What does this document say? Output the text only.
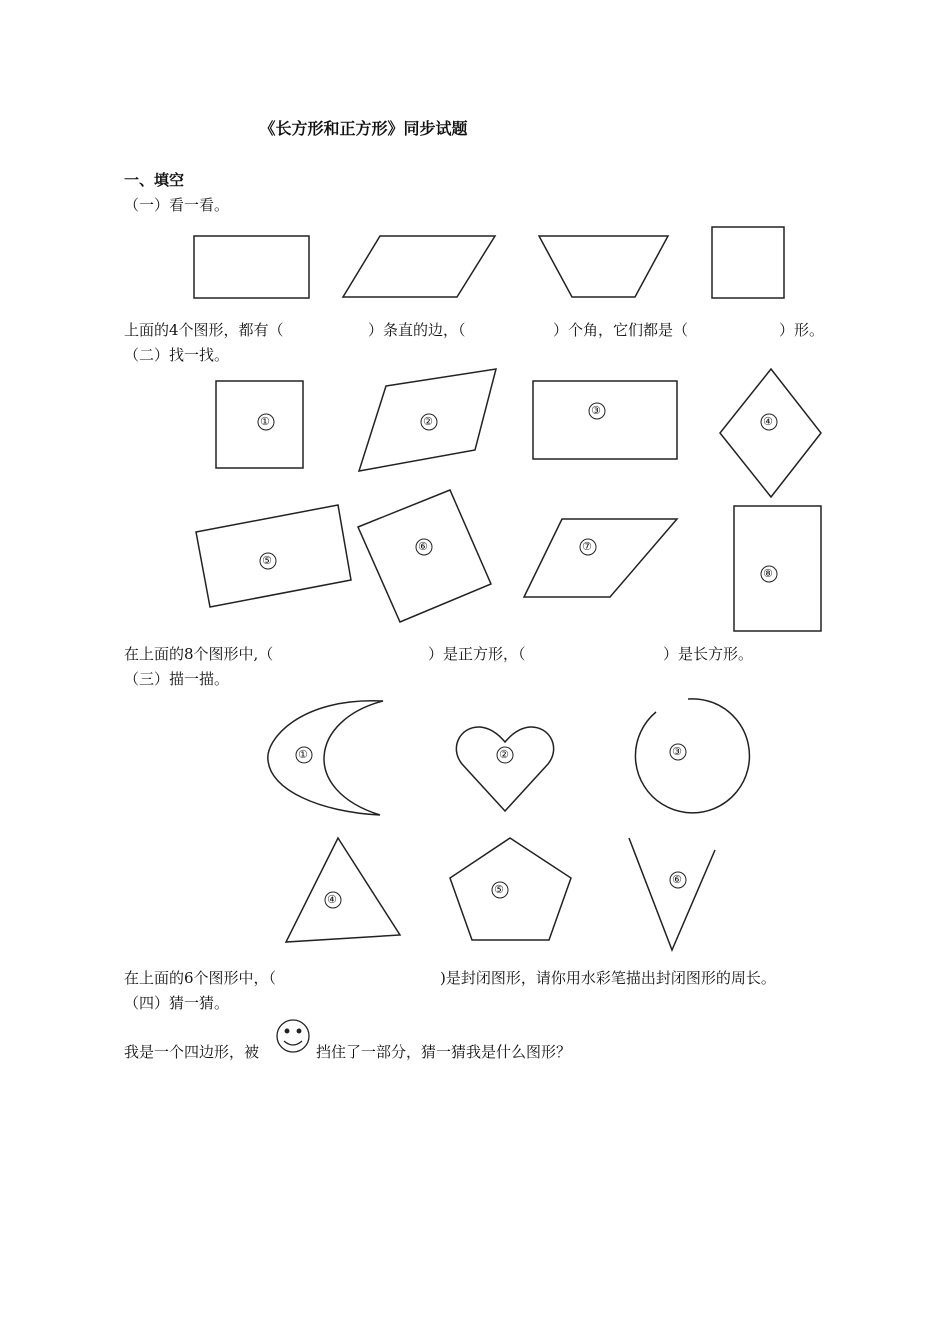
《长方形和正方形》同步试题
一、填空
（一）看一看。
上面的4个图形，都有（	）条直的边，（	）个角，它们都是（	）形。
（二）找一找。
①	②
③
④
⑤
⑥	⑦
⑧
在上面的8个图形中,（	）是正方形，（	）是长方形。
（三）描一描。
①	②	③
④
⑤
⑥
在上面的6个图形中，（	)是封闭图形，请你用水彩笔描出封闭图形的周长。
（四）猜一猜。
我是一个四边形，被	挡住了一部分，猜一猜我是什么图形？
